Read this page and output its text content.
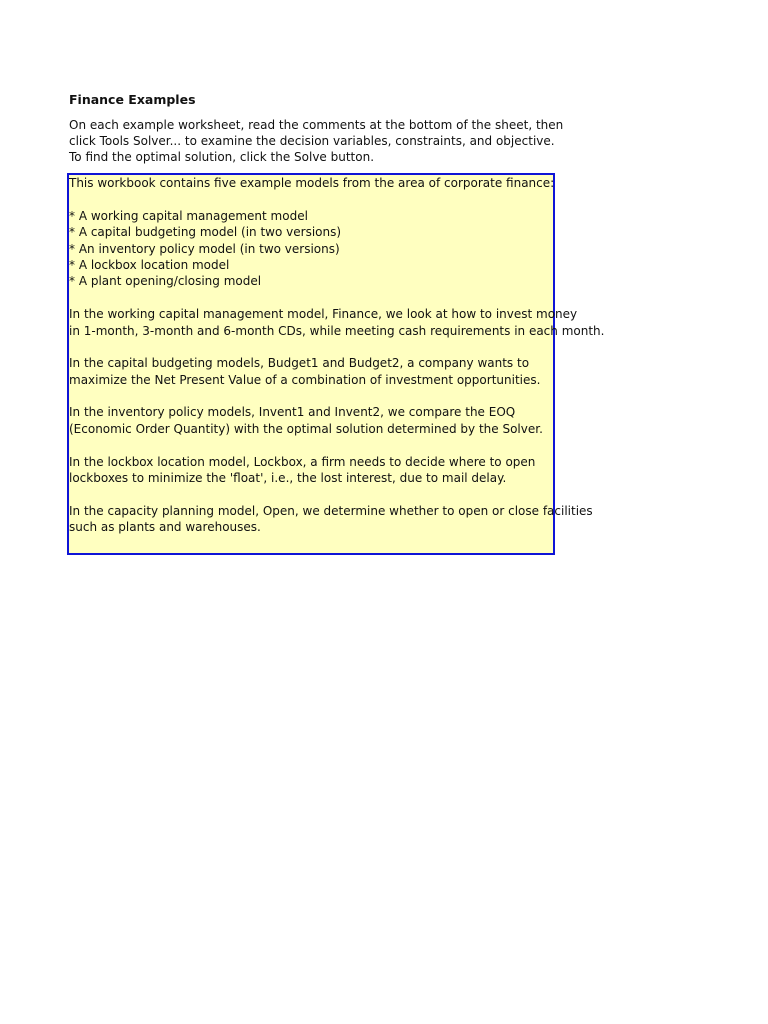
Finance Examples
On each example worksheet, read the comments at the bottom of the sheet, then
click Tools Solver... to examine the decision variables, constraints, and objective.
To find the optimal solution, click the Solve button.
This workbook contains five example models from the area of corporate finance:
* A working capital management model
* A capital budgeting model (in two versions)
* An inventory policy model (in two versions)
* A lockbox location model
* A plant opening/closing model
In the working capital management model, Finance, we look at how to invest money
in 1-month, 3-month and 6-month CDs, while meeting cash requirements in each month.
In the capital budgeting models, Budget1 and Budget2, a company wants to
maximize the Net Present Value of a combination of investment opportunities.
In the inventory policy models, Invent1 and Invent2, we compare the EOQ
(Economic Order Quantity) with the optimal solution determined by the Solver.
In the lockbox location model, Lockbox, a firm needs to decide where to open
lockboxes to minimize the 'float', i.e., the lost interest, due to mail delay.
In the capacity planning model, Open, we determine whether to open or close facilities
such as plants and warehouses.
